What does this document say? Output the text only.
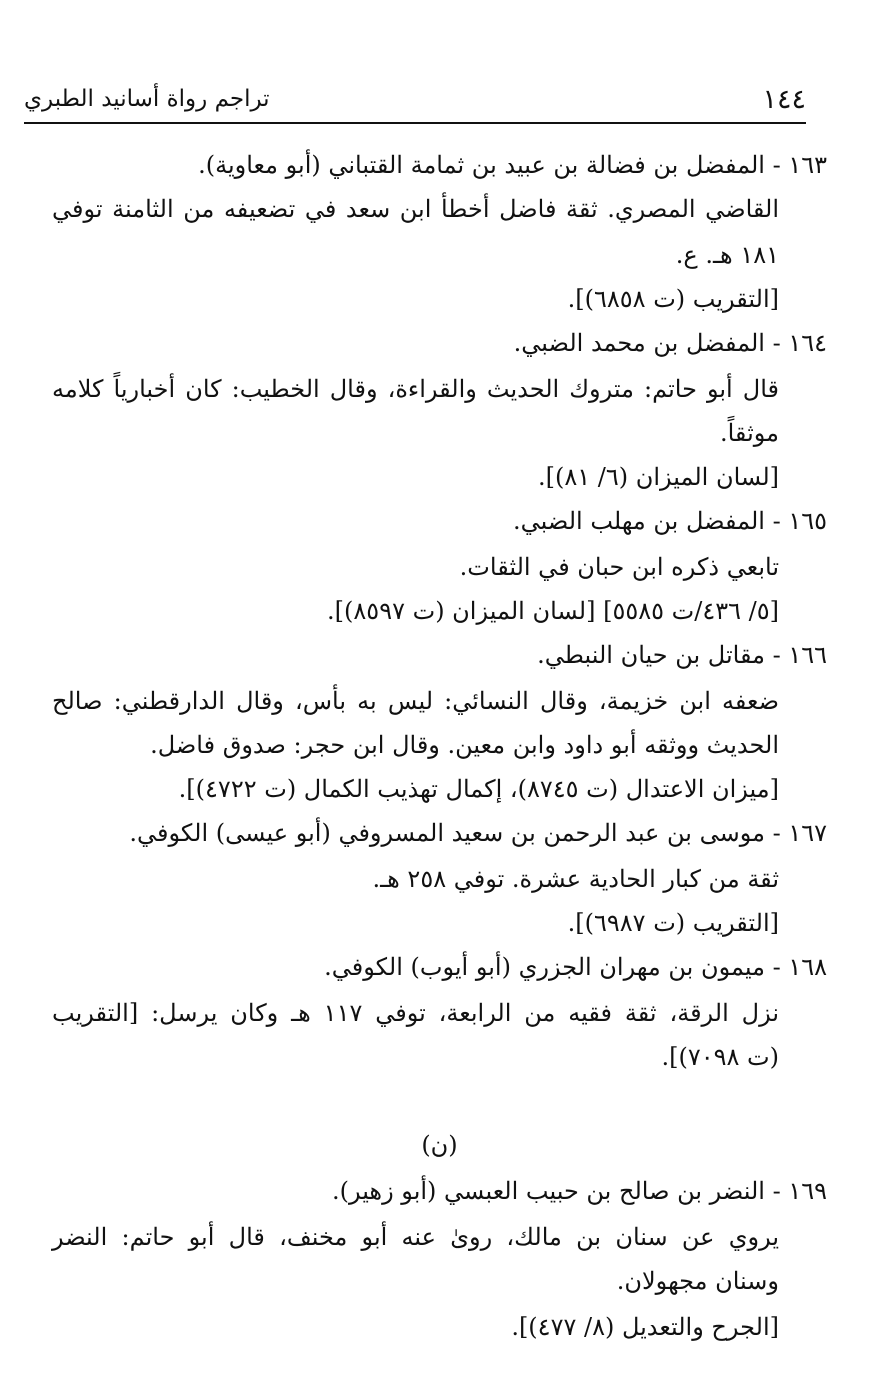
١٤٤
تراجم رواة أسانيد الطبري
١٦٣ - المفضل بن فضالة بن عبيد بن ثمامة القتباني (أبو معاوية).
القاضي المصري. ثقة فاضل أخطأ ابن سعد في تضعيفه من الثامنة توفي
١٨١ هـ. ع.
[التقريب (ت ٦٨٥٨)].
١٦٤ - المفضل بن محمد الضبي.
قال أبو حاتم: متروك الحديث والقراءة، وقال الخطيب: كان أخبارياً كلامه
موثقاً.
[لسان الميزان (٦/ ٨١)].
١٦٥ - المفضل بن مهلب الضبي.
تابعي ذكره ابن حبان في الثقات.
[٥/ ٤٣٦/ت ٥٥٨٥] [لسان الميزان (ت ٨٥٩٧)].
١٦٦ - مقاتل بن حيان النبطي.
ضعفه ابن خزيمة، وقال النسائي: ليس به بأس، وقال الدارقطني: صالح
الحديث ووثقه أبو داود وابن معين. وقال ابن حجر: صدوق فاضل.
[ميزان الاعتدال (ت ٨٧٤٥)، إكمال تهذيب الكمال (ت ٤٧٢٢)].
١٦٧ - موسى بن عبد الرحمن بن سعيد المسروفي (أبو عيسى) الكوفي.
ثقة من كبار الحادية عشرة. توفي ٢٥٨ هـ.
[التقريب (ت ٦٩٨٧)].
١٦٨ - ميمون بن مهران الجزري (أبو أيوب) الكوفي.
نزل الرقة، ثقة فقيه من الرابعة، توفي ١١٧ هـ وكان يرسل: [التقريب
(ت ٧٠٩٨)].
(ن)
١٦٩ - النضر بن صالح بن حبيب العبسي (أبو زهير).
يروي عن سنان بن مالك، روىٰ عنه أبو مخنف، قال أبو حاتم: النضر
وسنان مجهولان.
[الجرح والتعديل (٨/ ٤٧٧)].
